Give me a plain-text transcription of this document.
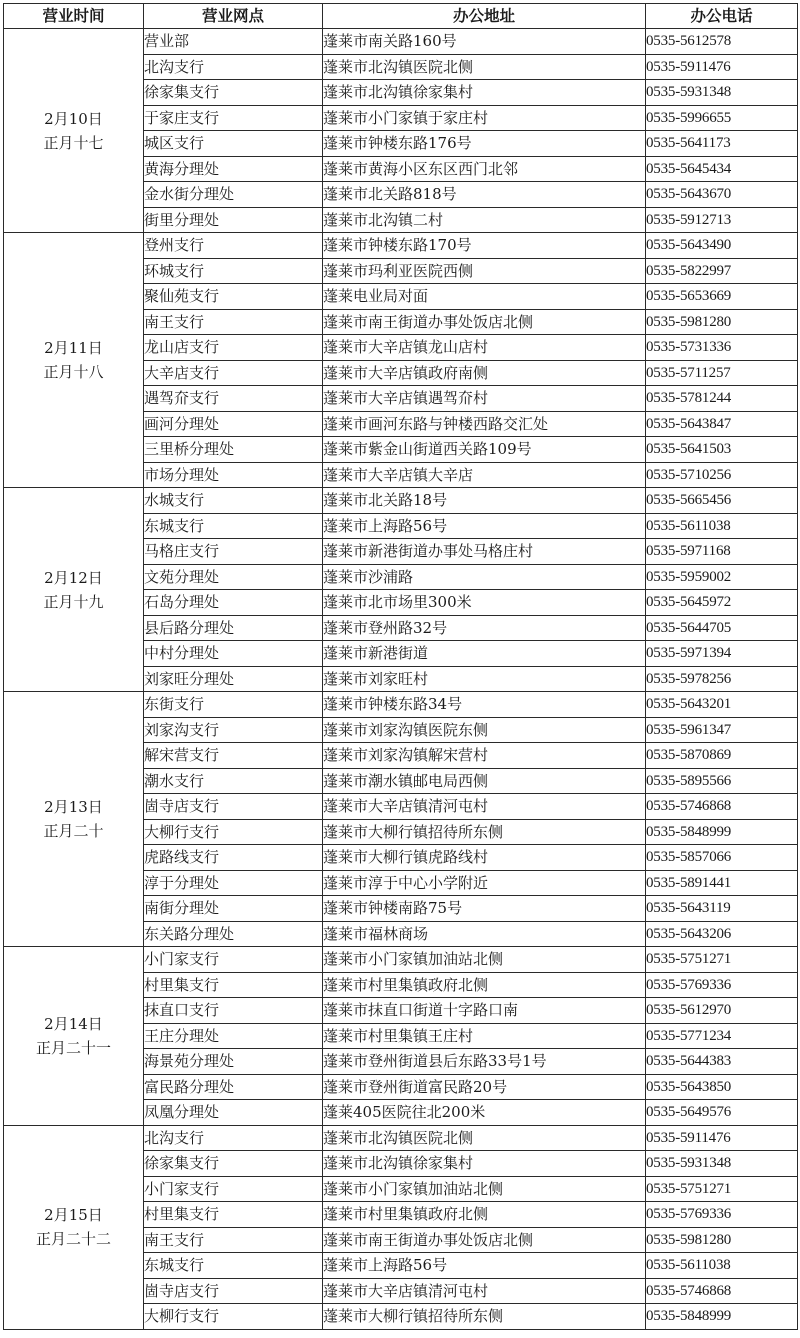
营业时间	营业网点	办公地址	办公电话

2月10日
正月十七	营业部	蓬莱市南关路160号	0535-5612578
	北沟支行	蓬莱市北沟镇医院北侧	0535-5911476
	徐家集支行	蓬莱市北沟镇徐家集村	0535-5931348
	于家庄支行	蓬莱市小门家镇于家庄村	0535-5996655
	城区支行	蓬莱市钟楼东路176号	0535-5641173
	黄海分理处	蓬莱市黄海小区东区西门北邻	0535-5645434
	金水街分理处	蓬莱市北关路818号	0535-5643670
	街里分理处	蓬莱市北沟镇二村	0535-5912713

2月11日
正月十八	登州支行	蓬莱市钟楼东路170号	0535-5643490
	环城支行	蓬莱市玛利亚医院西侧	0535-5822997
	聚仙苑支行	蓬莱电业局对面	0535-5653669
	南王支行	蓬莱市南王街道办事处饭店北侧	0535-5981280
	龙山店支行	蓬莱市大辛店镇龙山店村	0535-5731336
	大辛店支行	蓬莱市大辛店镇政府南侧	0535-5711257
	遇驾夼支行	蓬莱市大辛店镇遇驾夼村	0535-5781244
	画河分理处	蓬莱市画河东路与钟楼西路交汇处	0535-5643847
	三里桥分理处	蓬莱市紫金山街道西关路109号	0535-5641503
	市场分理处	蓬莱市大辛店镇大辛店	0535-5710256

2月12日
正月十九	水城支行	蓬莱市北关路18号	0535-5665456
	东城支行	蓬莱市上海路56号	0535-5611038
	马格庄支行	蓬莱市新港街道办事处马格庄村	0535-5971168
	文苑分理处	蓬莱市沙浦路	0535-5959002
	石岛分理处	蓬莱市北市场里300米	0535-5645972
	县后路分理处	蓬莱市登州路32号	0535-5644705
	中村分理处	蓬莱市新港街道	0535-5971394
	刘家旺分理处	蓬莱市刘家旺村	0535-5978256

2月13日
正月二十	东街支行	蓬莱市钟楼东路34号	0535-5643201
	刘家沟支行	蓬莱市刘家沟镇医院东侧	0535-5961347
	解宋营支行	蓬莱市刘家沟镇解宋营村	0535-5870869
	潮水支行	蓬莱市潮水镇邮电局西侧	0535-5895566
	崮寺店支行	蓬莱市大辛店镇清河屯村	0535-5746868
	大柳行支行	蓬莱市大柳行镇招待所东侧	0535-5848999
	虎路线支行	蓬莱市大柳行镇虎路线村	0535-5857066
	淳于分理处	蓬莱市淳于中心小学附近	0535-5891441
	南街分理处	蓬莱市钟楼南路75号	0535-5643119
	东关路分理处	蓬莱市福林商场	0535-5643206

2月14日
正月二十一	小门家支行	蓬莱市小门家镇加油站北侧	0535-5751271
	村里集支行	蓬莱市村里集镇政府北侧	0535-5769336
	抹直口支行	蓬莱市抹直口街道十字路口南	0535-5612970
	王庄分理处	蓬莱市村里集镇王庄村	0535-5771234
	海景苑分理处	蓬莱市登州街道县后东路33号1号	0535-5644383
	富民路分理处	蓬莱市登州街道富民路20号	0535-5643850
	凤凰分理处	蓬莱405医院往北200米	0535-5649576

2月15日
正月二十二	北沟支行	蓬莱市北沟镇医院北侧	0535-5911476
	徐家集支行	蓬莱市北沟镇徐家集村	0535-5931348
	小门家支行	蓬莱市小门家镇加油站北侧	0535-5751271
	村里集支行	蓬莱市村里集镇政府北侧	0535-5769336
	南王支行	蓬莱市南王街道办事处饭店北侧	0535-5981280
	东城支行	蓬莱市上海路56号	0535-5611038
	崮寺店支行	蓬莱市大辛店镇清河屯村	0535-5746868
	大柳行支行	蓬莱市大柳行镇招待所东侧	0535-5848999
